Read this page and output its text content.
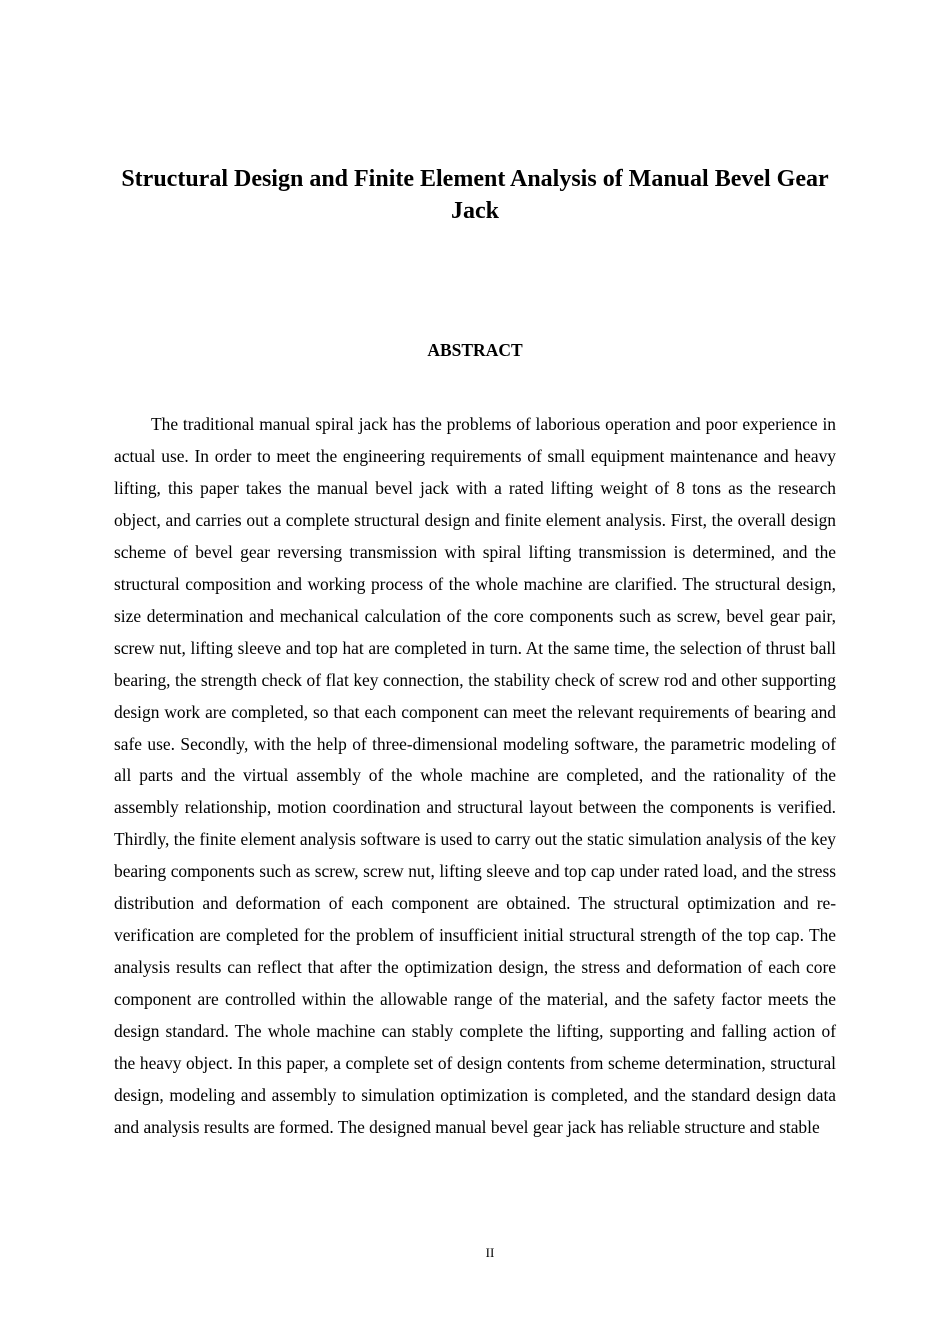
Structural Design and Finite Element Analysis of Manual Bevel Gear Jack
ABSTRACT

The traditional manual spiral jack has the problems of laborious operation and poor experience in actual use. In order to meet the engineering requirements of small equipment maintenance and heavy lifting, this paper takes the manual bevel jack with a rated lifting weight of 8 tons as the research object, and carries out a complete structural design and finite element analysis. First, the overall design scheme of bevel gear reversing transmission with spiral lifting transmission is determined, and the structural composition and working process of the whole machine are clarified. The structural design, size determination and mechanical calculation of the core components such as screw, bevel gear pair, screw nut, lifting sleeve and top hat are completed in turn. At the same time, the selection of thrust ball bearing, the strength check of flat key connection, the stability check of screw rod and other supporting design work are completed, so that each component can meet the relevant requirements of bearing and safe use. Secondly, with the help of three-dimensional modeling software, the parametric modeling of all parts and the virtual assembly of the whole machine are completed, and the rationality of the assembly relationship, motion coordination and structural layout between the components is verified. Thirdly, the finite element analysis software is used to carry out the static simulation analysis of the key bearing components such as screw, screw nut, lifting sleeve and top cap under rated load, and the stress distribution and deformation of each component are obtained. The structural optimization and re-verification are completed for the problem of insufficient initial structural strength of the top cap. The analysis results can reflect that after the optimization design, the stress and deformation of each core component are controlled within the allowable range of the material, and the safety factor meets the design standard. The whole machine can stably complete the lifting, supporting and falling action of the heavy object. In this paper, a complete set of design contents from scheme determination, structural design, modeling and assembly to simulation optimization is completed, and the standard design data and analysis results are formed. The designed manual bevel gear jack has reliable structure and stable

II
